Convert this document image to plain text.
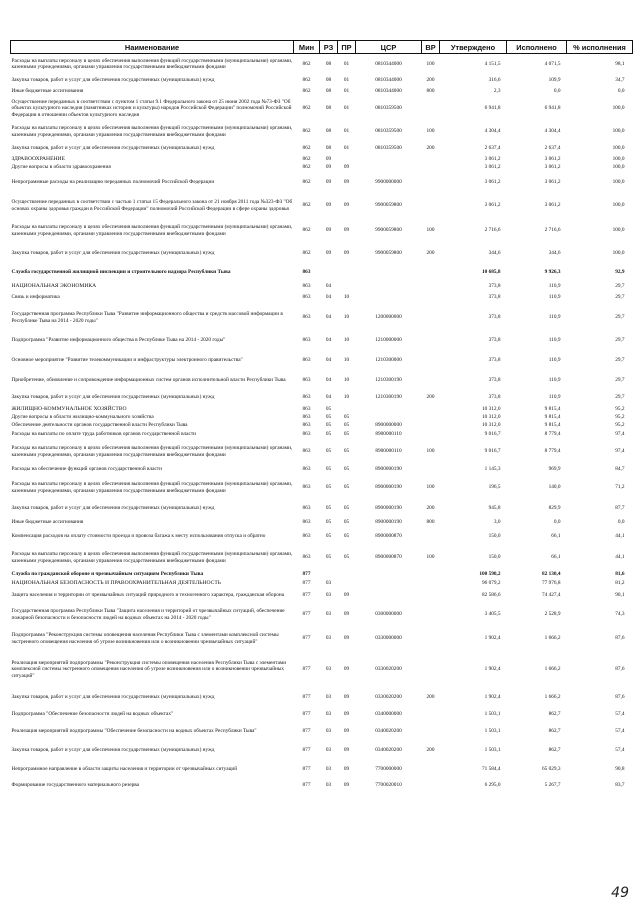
Наименование	Мин	РЗ	ПР	ЦСР	ВР	Утверждено	Исполнено	% исполнения
Расходы на выплаты персоналу в целях обеспечения выполнения функций государственными (муниципальными) органами, казенными учреждениями, органами управления государственными внебюджетными фондами	862	08	01	0810344000	100	4 151,5	4 071,5	98,1
Закупка товаров, работ и услуг для обеспечения государственных (муниципальных) нужд	862	08	01	0810344000	200	316,6	109,9	34,7
Иные бюджетные ассигнования	862	08	01	0810344000	800	2,3	0,0	0,0
Осуществление переданных в соответствии с пунктом 1 статьи 9.1 Федерального закона от 25 июня 2002 года №73-ФЗ "Об объектах культурного наследия (памятниках истории и культуры) народов Российской Федерации" полномочий Российской Федерации в отношении объектов культурного наследия	862	08	01	0810359500		6 941,8	6 941,8	100,0
Расходы на выплаты персоналу в целях обеспечения выполнения функций государственными (муниципальными) органами, казенными учреждениями, органами управления государственными внебюджетными фондами	862	08	01	0810359500	100	4 304,4	4 304,4	100,0
Закупка товаров, работ и услуг для обеспечения государственных (муниципальных) нужд	862	08	01	0810359500	200	2 637,4	2 637,4	100,0
ЗДРАВООХРАНЕНИЕ	862	09				3 061,2	3 061,2	100,0
Другие вопросы в области здравоохранения	862	09	09			3 061,2	3 061,2	100,0
Непрограммные расходы на реализацию переданных полномочий Российской Федерации	862	09	09	9900000000		3 061,2	3 061,2	100,0
Осуществление переданных в соответствии с частью 1 статьи 15 Федерального закона от 21 ноября 2011 года №323-ФЗ "Об основах охраны здоровья граждан в Российской Федерации" полномочий Российской Федерации в сфере охраны здоровья	862	09	09	9900059800		3 061,2	3 061,2	100,0
Расходы на выплаты персоналу в целях обеспечения выполнения функций государственными (муниципальными) органами, казенными учреждениями, органами управления государственными внебюджетными фондами	862	09	09	9900059800	100	2 716,6	2 716,6	100,0
Закупка товаров, работ и услуг для обеспечения государственных (муниципальных) нужд	862	09	09	9900059800	200	344,6	344,6	100,0
Служба государственной жилищной инспекции и строительного надзора Республики Тыва	863					10 685,8	9 926,3	92,9
НАЦИОНАЛЬНАЯ ЭКОНОМИКА	863	04				373,8	110,9	29,7
Связь и информатика	863	04	10			373,8	110,9	29,7
Государственная программа Республики Тыва "Развитие информационного общества и средств массовой информации в Республике Тыва на 2014 - 2020 годы"	863	04	10	1200000000		373,8	110,9	29,7
Подпрограмма "Развитие информационного общества в Республике Тыва на 2014 - 2020 годы"	863	04	10	1210000000		373,8	110,9	29,7
Основное мероприятие "Развитие телекоммуникации и инфраструктуры электронного правительства"	863	04	10	1210300000		373,8	110,9	29,7
Приобретение, обновление и сопровождение информационных систем органов исполнительной власти Республики Тыва	863	04	10	1210300190		373,8	110,9	29,7
Закупка товаров, работ и услуг для обеспечения государственных (муниципальных) нужд	863	04	10	1210300190	200	373,8	110,9	29,7
ЖИЛИЩНО-КОММУНАЛЬНОЕ ХОЗЯЙСТВО	863	05				10 312,0	9 815,4	95,2
Другие вопросы в области жилищно-коммунального хозяйства	863	05	05			10 312,0	9 815,4	95,2
Обеспечение деятельности органов государственной власти Республики Тыва	863	05	05	8900000000		10 312,0	9 815,4	95,2
Расходы на выплаты по оплате труда работников органов государственной власти	863	05	05	8900000110		9 016,7	8 779,4	97,4
Расходы на выплаты персоналу в целях обеспечения выполнения функций государственными (муниципальными) органами, казенными учреждениями, органами управления государственными внебюджетными фондами	863	05	05	8900000110	100	9 016,7	8 779,4	97,4
Расходы на обеспечение функций органов государственной власти	863	05	05	8900000190		1 145,3	969,9	84,7
Расходы на выплаты персоналу в целях обеспечения выполнения функций государственными (муниципальными) органами, казенными учреждениями, органами управления государственными внебюджетными фондами	863	05	05	8900000190	100	196,5	140,0	71,2
Закупка товаров, работ и услуг для обеспечения государственных (муниципальных) нужд	863	05	05	8900000190	200	945,8	829,9	87,7
Иные бюджетные ассигнования	863	05	05	8900000190	800	3,0	0,0	0,0
Компенсация расходов на оплату стоимости проезда и провоза багажа к месту использования отпуска и обратно	863	05	05	8900000870		150,0	66,1	44,1
Расходы на выплаты персоналу в целях обеспечения выполнения функций государственными (муниципальными) органами, казенными учреждениями, органами управления государственными внебюджетными фондами	863	05	05	8900000870	100	150,0	66,1	44,1
Служба по гражданской обороне и чрезвычайным ситуациям Республики Тыва	877					100 590,2	82 130,4	81,6
НАЦИОНАЛЬНАЯ БЕЗОПАСНОСТЬ И ПРАВООХРАНИТЕЛЬНАЯ ДЕЯТЕЛЬНОСТЬ	877	03				96 079,2	77 976,8	81,2
Защита населения и территории от чрезвычайных ситуаций природного и техногенного характера, гражданская оборона	877	03	09			82 586,6	74 427,4	90,1
Государственная программа Республики Тыва "Защита населения и территорий от чрезвычайных ситуаций, обеспечение пожарной безопасности и безопасности людей на водных объектах на 2014 - 2020 годы"	877	03	09	0300000000		3 405,5	2 528,9	74,3
Подпрограмма "Реконструкция системы оповещения населения Республики Тыва с элементами комплексной системы экстренного оповещения населения об угрозе возникновения или о возникновении чрезвычайных ситуаций"	877	03	09	0330000000		1 902,4	1 666,2	87,6
Реализация мероприятий подпрограммы "Реконструкция системы оповещения населения Республики Тыва с элементами комплексной системы экстренного оповещения населения об угрозе возникновения или о возникновении чрезвычайных ситуаций"	877	03	09	0330020200		1 902,4	1 666,2	87,6
Закупка товаров, работ и услуг для обеспечения государственных (муниципальных) нужд	877	03	09	0330020200	200	1 902,4	1 666,2	87,6
Подпрограмма "Обеспечение безопасности людей на водных объектах"	877	03	09	0340000000		1 503,1	862,7	57,4
Реализация мероприятий подпрограммы "Обеспечение безопасности на водных объектах Республики Тыва"	877	03	09	0340020200		1 503,1	862,7	57,4
Закупка товаров, работ и услуг для обеспечения государственных (муниципальных) нужд	877	03	09	0340020200	200	1 503,1	862,7	57,4
Непрограммное направление в области защиты населения и территории от чрезвычайных ситуаций	877	03	09	7700000000		71 584,4	65 029,3	90,8
Формирование государственного материального резерва	877	03	09	7700020010		6 295,0	5 267,7	83,7
49
